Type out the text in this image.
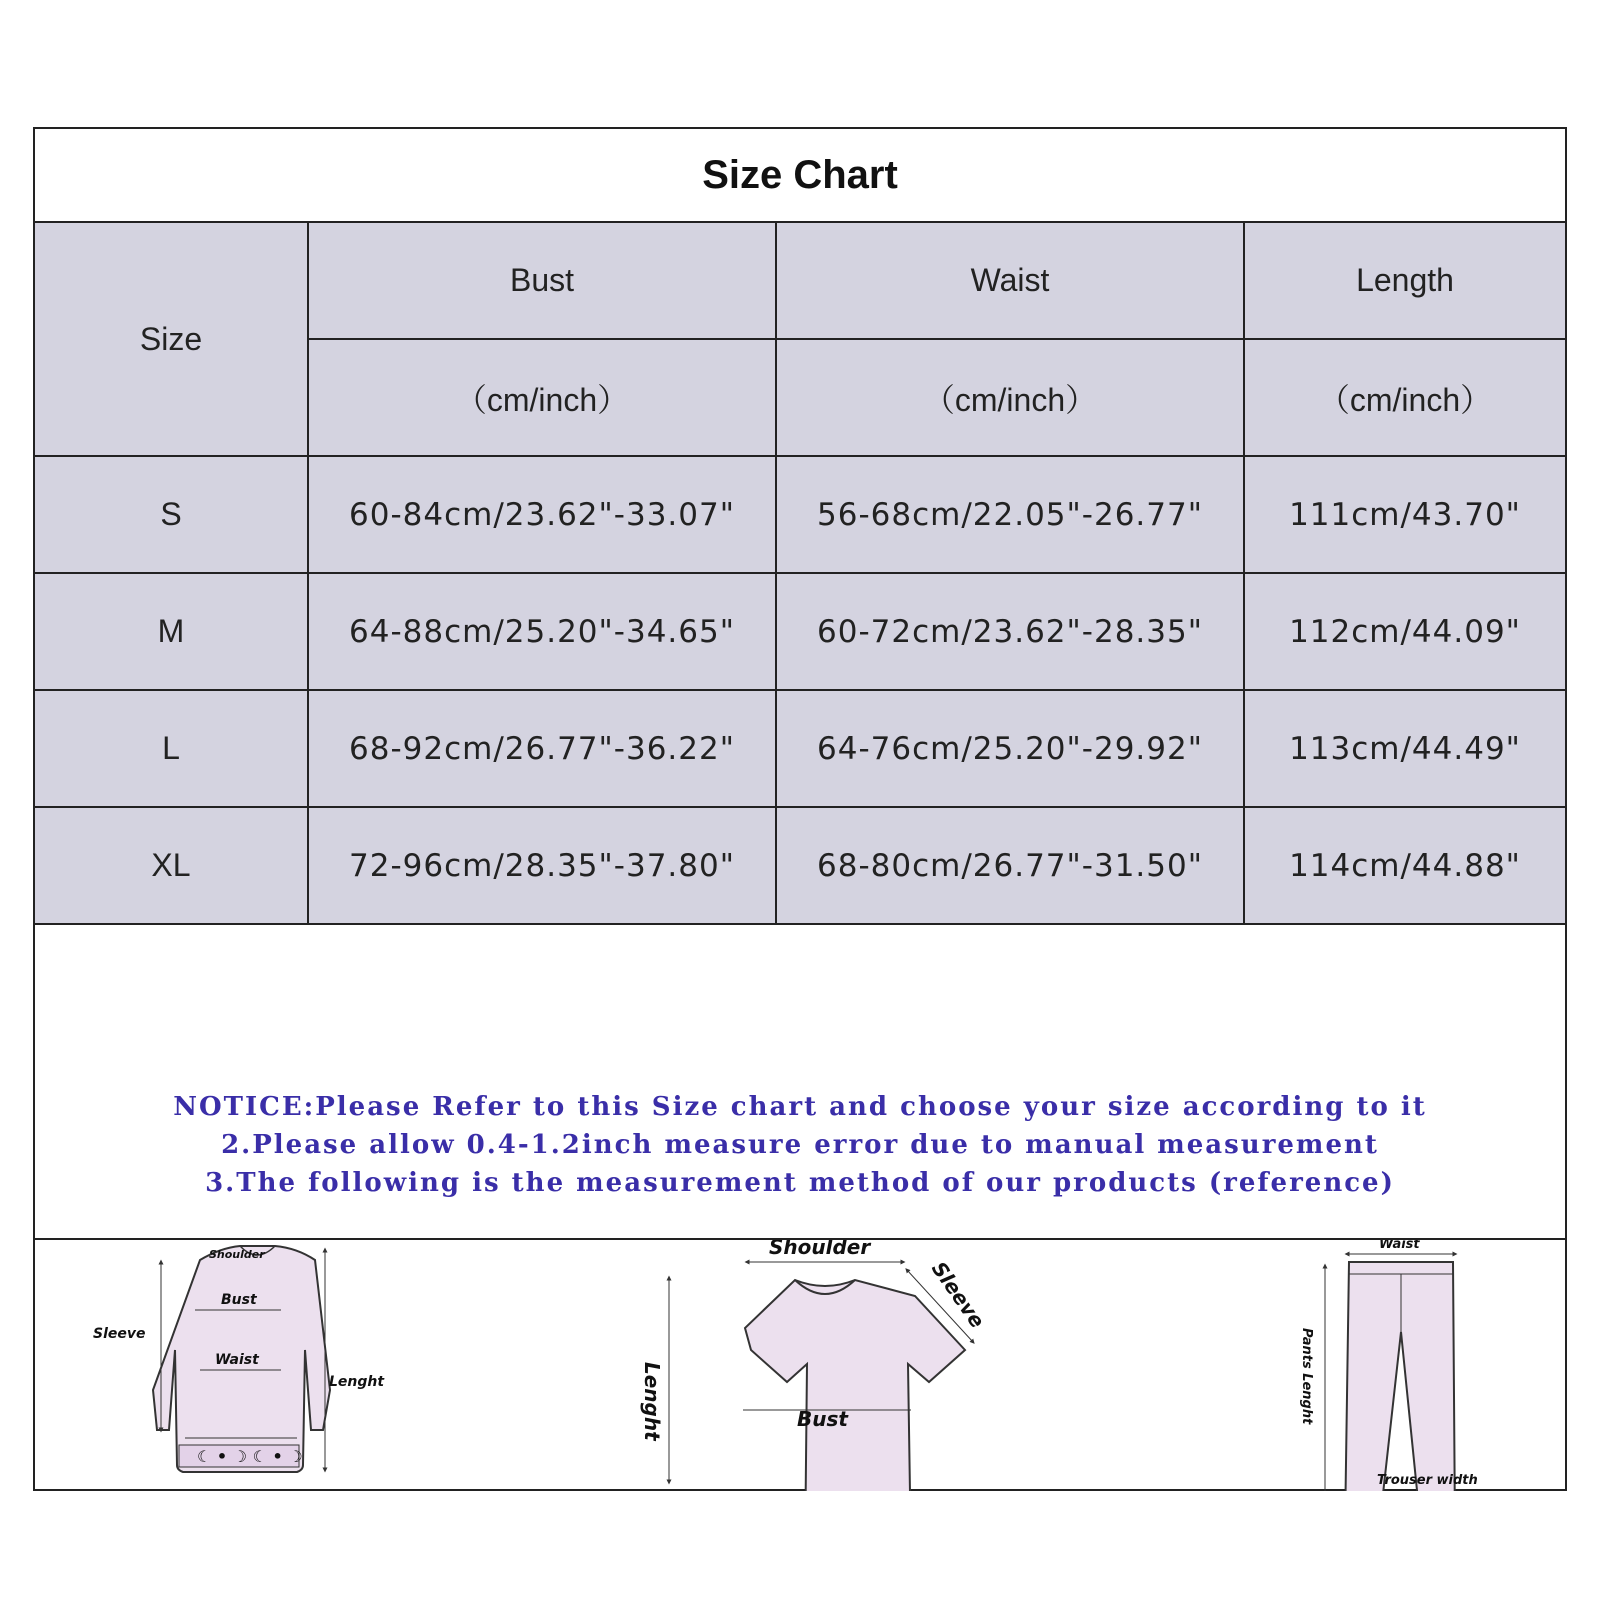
Size Chart
Size	Bust	Waist	Length
	（cm/inch）	（cm/inch）	（cm/inch）
S	60-84cm/23.62"-33.07"	56-68cm/22.05"-26.77"	111cm/43.70"
M	64-88cm/25.20"-34.65"	60-72cm/23.62"-28.35"	112cm/44.09"
L	68-92cm/26.77"-36.22"	64-76cm/25.20"-29.92"	113cm/44.49"
XL	72-96cm/28.35"-37.80"	68-80cm/26.77"-31.50"	114cm/44.88"
NOTICE:Please Refer to this Size chart and choose your size according to it
2.Please allow 0.4-1.2inch measure error due to manual measurement
3.The following is the measurement method of our products (reference)
☾ • ☽ ☾ • ☽
Shoulder
Bust
Waist
Sleeve
Lenght
Shoulder
Sleeve
Lenght	Bust
Waist
Pants Lenght
Trouser width
